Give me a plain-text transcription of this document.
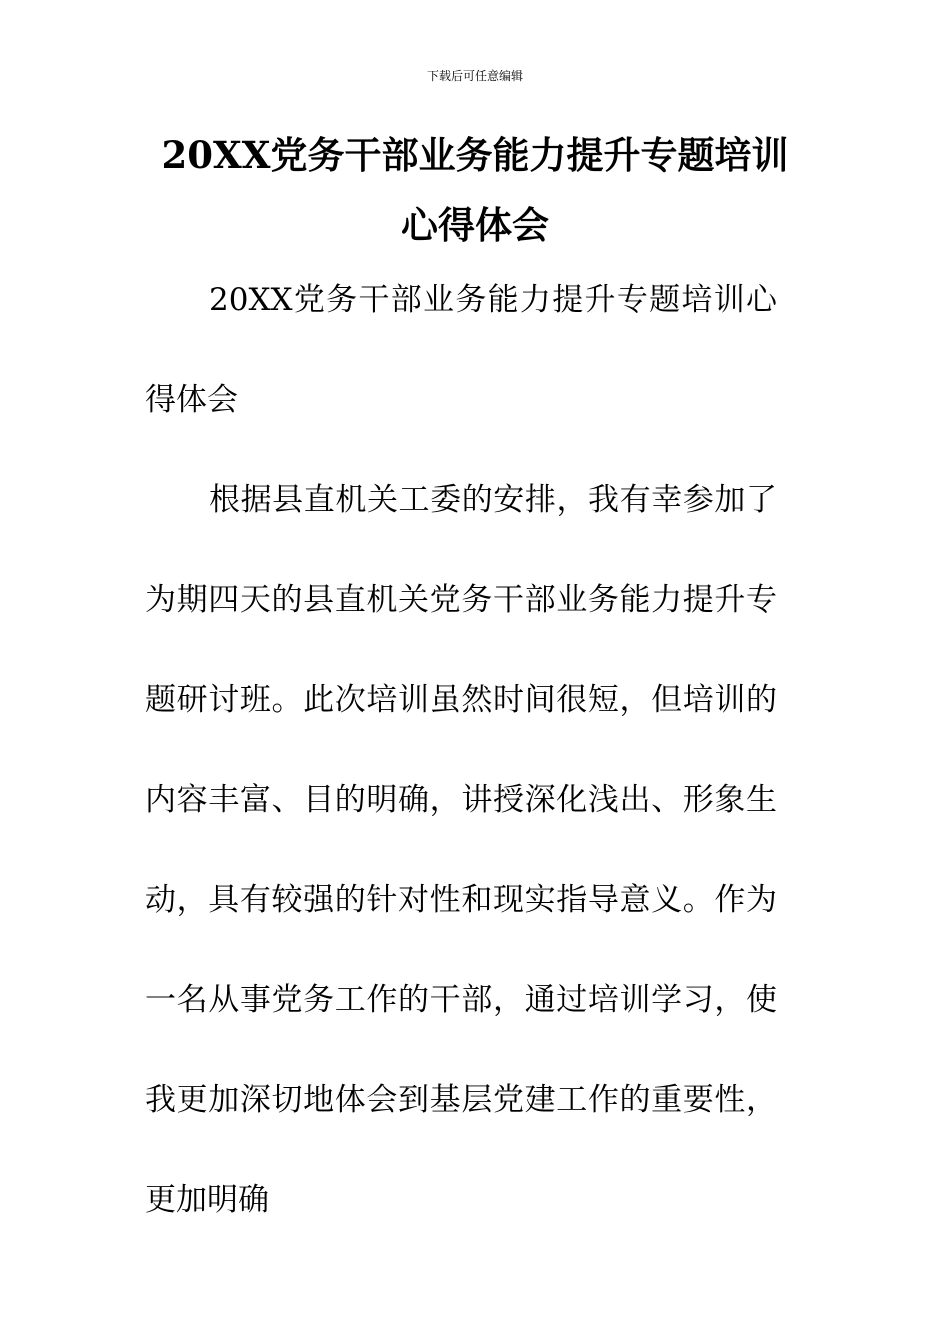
下载后可任意编辑
20XX党务干部业务能力提升专题培训心得体会
20XX党务干部业务能力提升专题培训心得体会
根据县直机关工委的安排，我有幸参加了为期四天的县直机关党务干部业务能力提升专题研讨班。此次培训虽然时间很短，但培训的内容丰富、目的明确，讲授深化浅出、形象生动，具有较强的针对性和现实指导意义。作为一名从事党务工作的干部，通过培训学习，使我更加深切地体会到基层党建工作的重要性，更加明确
